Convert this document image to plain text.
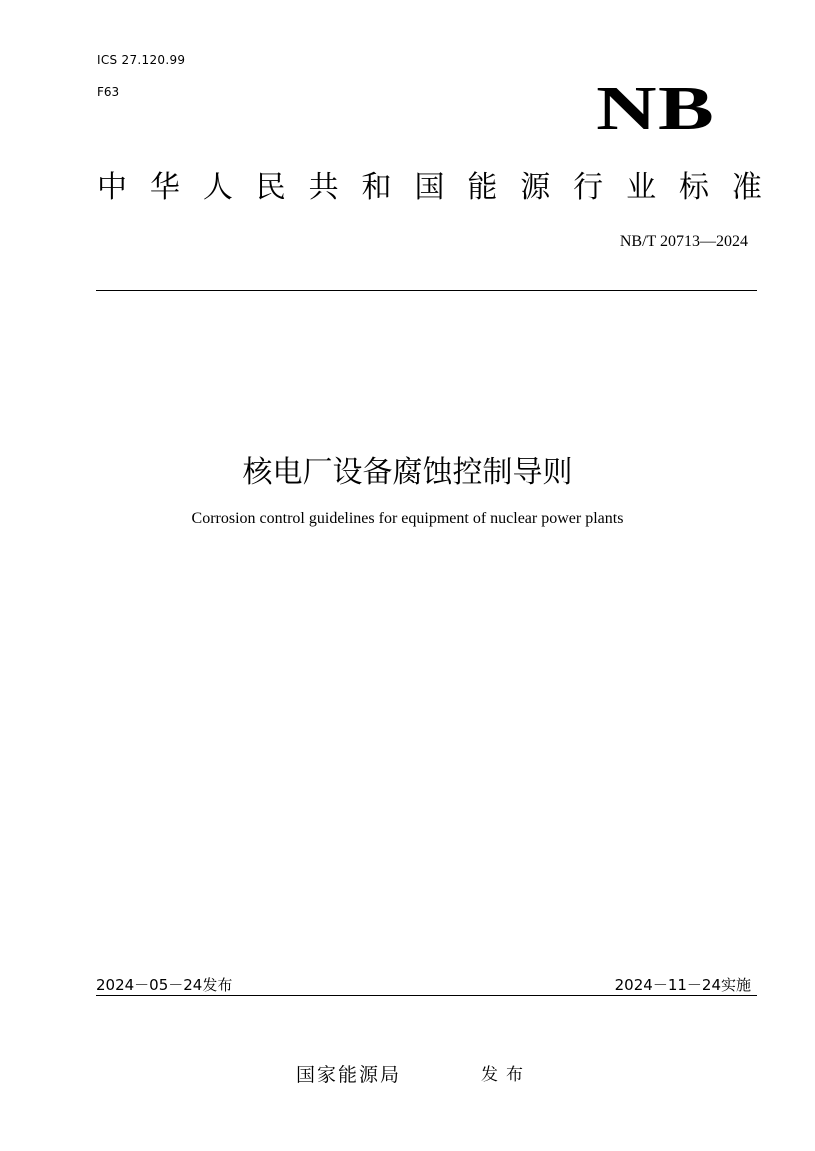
ICS 27.120.99
F63	NB
中 华 人 民 共 和 国 能 源 行 业 标 准
NB/T 20713—2024
核电厂设备腐蚀控制导则
Corrosion control guidelines for equipment of nuclear power plants
2024－05－24发布	2024－11－24实施
国家能源局	发布
